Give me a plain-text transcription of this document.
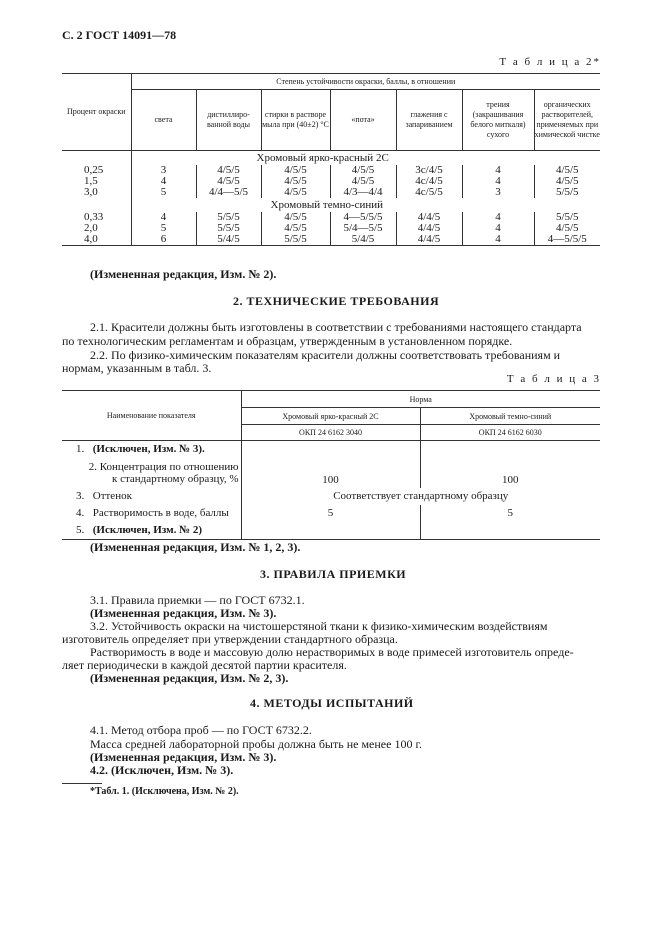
С. 2 ГОСТ 14091—78
Т а б л и ц а 2*
Процент окраски	Степень устойчивости окраски, баллы, в отношении						
	света	дистиллиро-ванной воды	стирки в растворе мыла при (40±2) °С	«пота»	глажения с запариванием	трения (закрашивания белого миткаля) сухого	органических растворителей, применяемых при химической чистке
	Хромовый ярко-красный 2С						
0,25	3	4/5/5	4/5/5	4/5/5	3с/4/5	4	4/5/5
1,5	4	4/5/5	4/5/5	4/5/5	4с/4/5	4	4/5/5
3,0	5	4/4—5/5	4/5/5	4/3—4/4	4с/5/5	3	5/5/5
	Хромовый темно-синий						
0,33	4	5/5/5	4/5/5	4—5/5/5	4/4/5	4	5/5/5
2,0	5	5/5/5	4/5/5	5/4—5/5	4/4/5	4	4/5/5
4,0	6	5/4/5	5/5/5	5/4/5	4/4/5	4	4—5/5/5
(Измененная редакция, Изм. № 2).
2. ТЕХНИЧЕСКИЕ ТРЕБОВАНИЯ
2.1. Красители должны быть изготовлены в соответствии с требованиями настоящего стандарта
по технологическим регламентам и образцам, утвержденным в установленном порядке.
2.2. По физико-химическим показателям красители должны соответствовать требованиям и
нормам, указанным в табл. 3.
Т а б л и ц а 3
Наименование показателя	Норма	
	Хромовый ярко-красный 2С	Хромовый темно-синий
	ОКП 24 6162 3040	ОКП 24 6162 6030
1. (Исключен, Изм. № 3).		
2. Концентрация по отношению
к стандартному образцу, %	100	100
3. Оттенок	Соответствует стандартному образцу	
4. Растворимость в воде, баллы	5	5
5. (Исключен, Изм. № 2)		
(Измененная редакция, Изм. № 1, 2, 3).
3. ПРАВИЛА ПРИЕМКИ
3.1. Правила приемки — по ГОСТ 6732.1.
(Измененная редакция, Изм. № 3).
3.2. Устойчивость окраски на чистошерстяной ткани к физико-химическим воздействиям
изготовитель определяет при утверждении стандартного образца.
Растворимость в воде и массовую долю нерастворимых в воде примесей изготовитель опреде-
ляет периодически в каждой десятой партии красителя.
(Измененная редакция, Изм. № 2, 3).
4. МЕТОДЫ ИСПЫТАНИЙ
4.1. Метод отбора проб — по ГОСТ 6732.2.
Масса средней лабораторной пробы должна быть не менее 100 г.
(Измененная редакция, Изм. № 3).
4.2. (Исключен, Изм. № 3).
*Табл. 1. (Исключена, Изм. № 2).
